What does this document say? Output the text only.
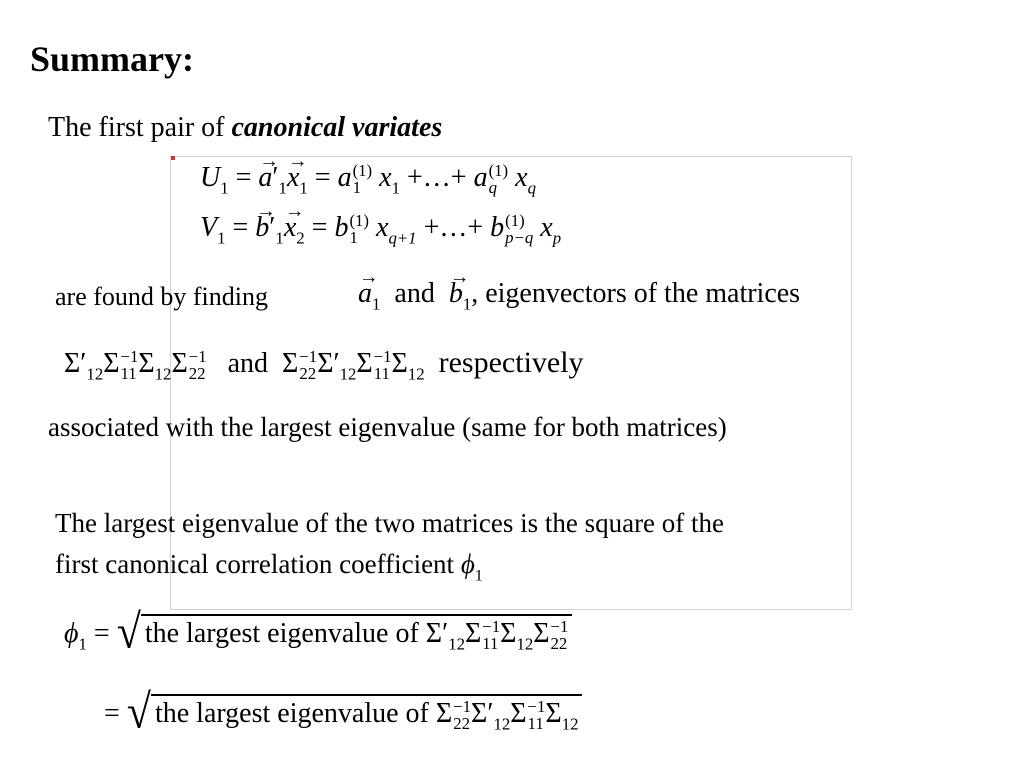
Summary:
The first pair of canonical variates
$U_1$ = → $a'_1\to x_1 = a$ (1)
1 $x_1$ +…+ a (1)
q $x_q$
$V_1$ = → $b'_1\to x_2 = b$ (1)
1 $x_{q+1}$ +…+ b (1)
p−q $x_p$
are found by finding	→ $a_1$ and → $b_1$, eigenvectors of the matrices
$\Sigma'_{12}\Sigma -1$
11 $\Sigma_{12}\Sigma -1$
22 and Σ −1
22 $\Sigma'_{12}\Sigma -1$
11 $\Sigma_{12}$ respectively
associated with the largest eigenvalue (same for both matrices)
The largest eigenvalue of the two matrices is the square of the
first canonical correlation coefficient $\phi_1$
$\phi_1$ = √ the largest eigenvalue of $\Sigma'_{12}\Sigma -1$
11 $\Sigma_{12}\Sigma -1$
22
= √ the largest eigenvalue of Σ −1
22 $\Sigma'_{12}\Sigma -1$
11 $\Sigma_{12}$
